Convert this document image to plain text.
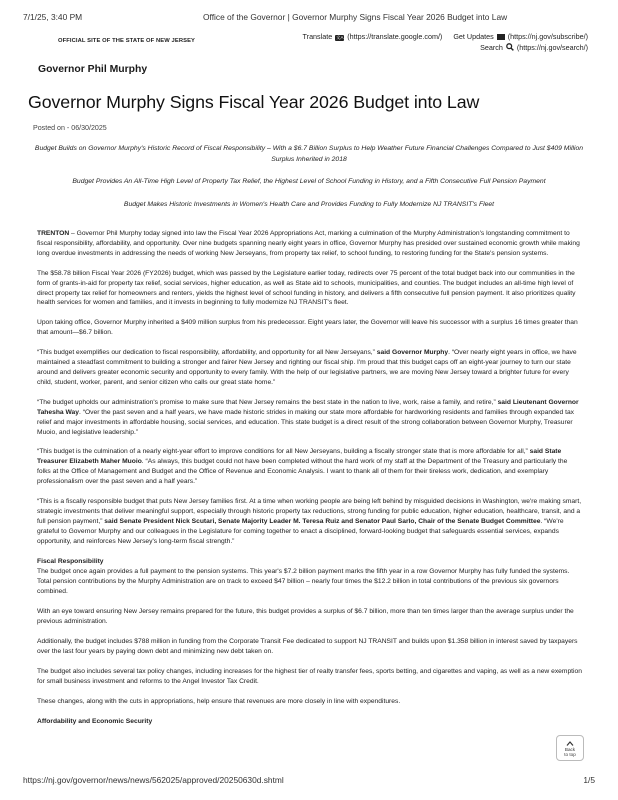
7/1/25, 3:40 PM	Office of the Governor | Governor Murphy Signs Fiscal Year 2026 Budget into Law
OFFICIAL SITE OF THE STATE OF NEW JERSEY	Translate 文A (https://translate.google.com/) Get Updates (https://nj.gov/subscribe/)
Search (https://nj.gov/search/)
Governor Phil Murphy
Governor Murphy Signs Fiscal Year 2026 Budget into Law
Posted on - 06/30/2025

Budget Builds on Governor Murphy's Historic Record of Fiscal Responsibility – With a $6.7 Billion Surplus to Help Weather Future Financial Challenges Compared to Just $409 Million Surplus Inherited in 2018

Budget Provides An All-Time High Level of Property Tax Relief, the Highest Level of School Funding in History, and a Fifth Consecutive Full Pension Payment

Budget Makes Historic Investments in Women's Health Care and Provides Funding to Fully Modernize NJ TRANSIT's Fleet

TRENTON – Governor Phil Murphy today signed into law the Fiscal Year 2026 Appropriations Act, marking a culmination of the Murphy Administration's longstanding commitment to fiscal responsibility, affordability, and opportunity. Over nine budgets spanning nearly eight years in office, Governor Murphy has presided over sustained economic growth while making long overdue investments in addressing the needs of working New Jerseyans, from property tax relief, to school funding, to restoring funding for the State's pension systems.

The $58.78 billion Fiscal Year 2026 (FY2026) budget, which was passed by the Legislature earlier today, redirects over 75 percent of the total budget back into our communities in the form of grants-in-aid for property tax relief, social services, higher education, as well as State aid to schools, municipalities, and counties. The budget includes an all-time high level of direct property tax relief for homeowners and renters, yields the highest level of school funding in history, and delivers a fifth consecutive full pension payment. It also prioritizes quality health services for women and families, and it invests in beginning to fully modernize NJ TRANSIT's fleet.

Upon taking office, Governor Murphy inherited a $409 million surplus from his predecessor. Eight years later, the Governor will leave his successor with a surplus 16 times greater than that amount—$6.7 billion.

“This budget exemplifies our dedication to fiscal responsibility, affordability, and opportunity for all New Jerseyans,” said Governor Murphy. “Over nearly eight years in office, we have maintained a steadfast commitment to building a stronger and fairer New Jersey and righting our fiscal ship. I'm proud that this budget caps off an eight-year journey to turn our state around and delivers greater economic security and opportunity to every family. With the help of our legislative partners, we are moving New Jersey toward a brighter future for every child, student, worker, parent, and senior citizen who calls our great state home.”

“The budget upholds our administration's promise to make sure that New Jersey remains the best state in the nation to live, work, raise a family, and retire,” said Lieutenant Governor Tahesha Way. “Over the past seven and a half years, we have made historic strides in making our state more affordable for hardworking residents and families through expanded tax relief and major investments in affordable housing, social services, and education. This state budget is a direct result of the strong collaboration between Governor Murphy, Treasurer Muoio, and legislative leadership.”

“This budget is the culmination of a nearly eight-year effort to improve conditions for all New Jerseyans, building a fiscally stronger state that is more affordable for all,” said State Treasurer Elizabeth Maher Muoio. “As always, this budget could not have been completed without the hard work of my staff at the Department of the Treasury and particularly the folks at the Office of Management and Budget and the Office of Revenue and Economic Analysis. I want to thank all of them for their tireless work, dedication, and exemplary professionalism over the past seven and a half years.”

“This is a fiscally responsible budget that puts New Jersey families first. At a time when working people are being left behind by misguided decisions in Washington, we're making smart, strategic investments that deliver meaningful support, especially through historic property tax reductions, strong funding for public education, higher education, healthcare, transit, and a full pension payment,” said Senate President Nick Scutari, Senate Majority Leader M. Teresa Ruiz and Senator Paul Sarlo, Chair of the Senate Budget Committee. “We're grateful to Governor Murphy and our colleagues in the Legislature for coming together to enact a disciplined, forward-looking budget that safeguards essential services, expands opportunity, and reinforces New Jersey's long-term fiscal strength.”

Fiscal Responsibility

The budget once again provides a full payment to the pension systems. This year's $7.2 billion payment marks the fifth year in a row Governor Murphy has fully funded the systems. Total pension contributions by the Murphy Administration are on track to exceed $47 billion – nearly four times the $12.2 billion in total contributions of the previous six governors combined.

With an eye toward ensuring New Jersey remains prepared for the future, this budget provides a surplus of $6.7 billion, more than ten times larger than the average surplus under the previous administration.

Additionally, the budget includes $788 million in funding from the Corporate Transit Fee dedicated to support NJ TRANSIT and builds upon $1.358 billion in interest saved by taxpayers over the last four years by paying down debt and minimizing new debt taken on.

The budget also includes several tax policy changes, including increases for the highest tier of realty transfer fees, sports betting, and cigarettes and vaping, as well as a new exemption for small business investment and reforms to the Angel Investor Tax Credit.

These changes, along with the cuts in appropriations, help ensure that revenues are more closely in line with expenditures.

Affordability and Economic Security
Back
to top
https://nj.gov/governor/news/news/562025/approved/20250630d.shtml	1/5
